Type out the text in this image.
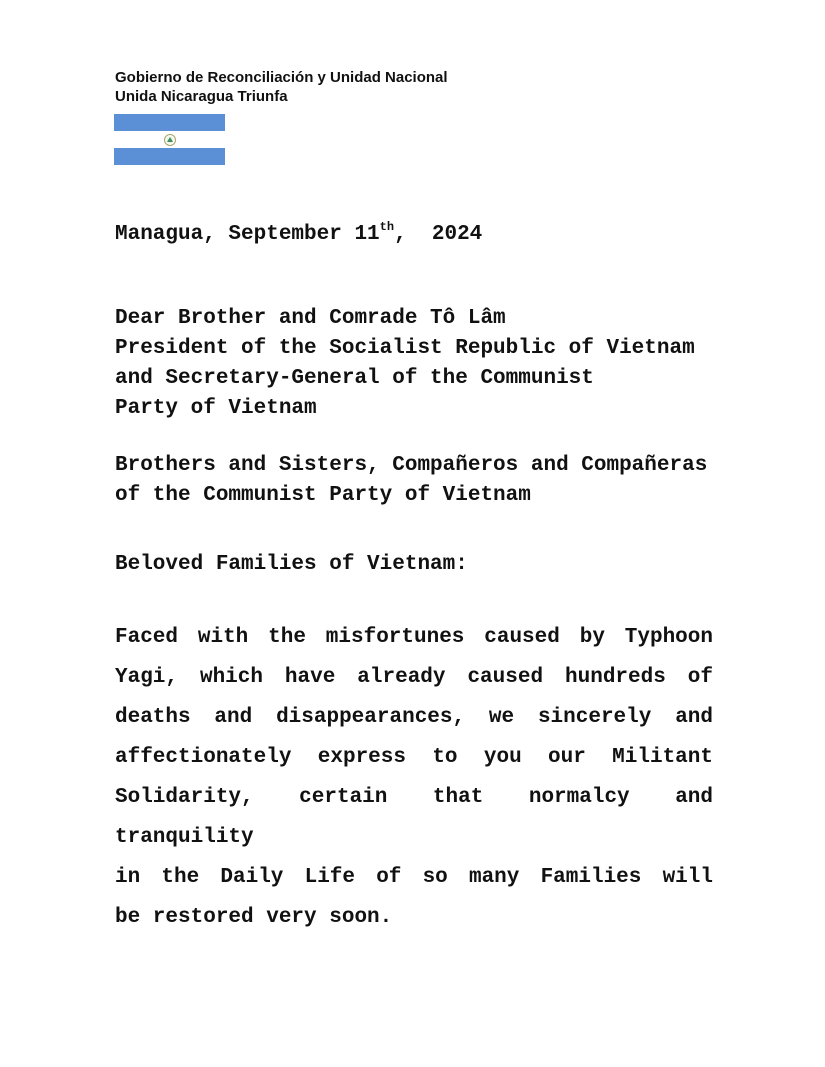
Gobierno de Reconciliación y Unidad Nacional
Unida Nicaragua Triunfa

Managua, September 11th,  2024

Dear Brother and Comrade Tô Lâm
President of the Socialist Republic of Vietnam
and Secretary-General of the Communist
Party of Vietnam
Brothers and Sisters, Compañeros and Compañeras
of the Communist Party of Vietnam

Beloved Families of Vietnam:

Faced with the misfortunes caused by Typhoon
Yagi, which have already caused hundreds of
deaths and disappearances, we sincerely and
affectionately express to you our Militant
Solidarity, certain that normalcy and tranquility
in the Daily Life of so many Families will
be restored very soon.
